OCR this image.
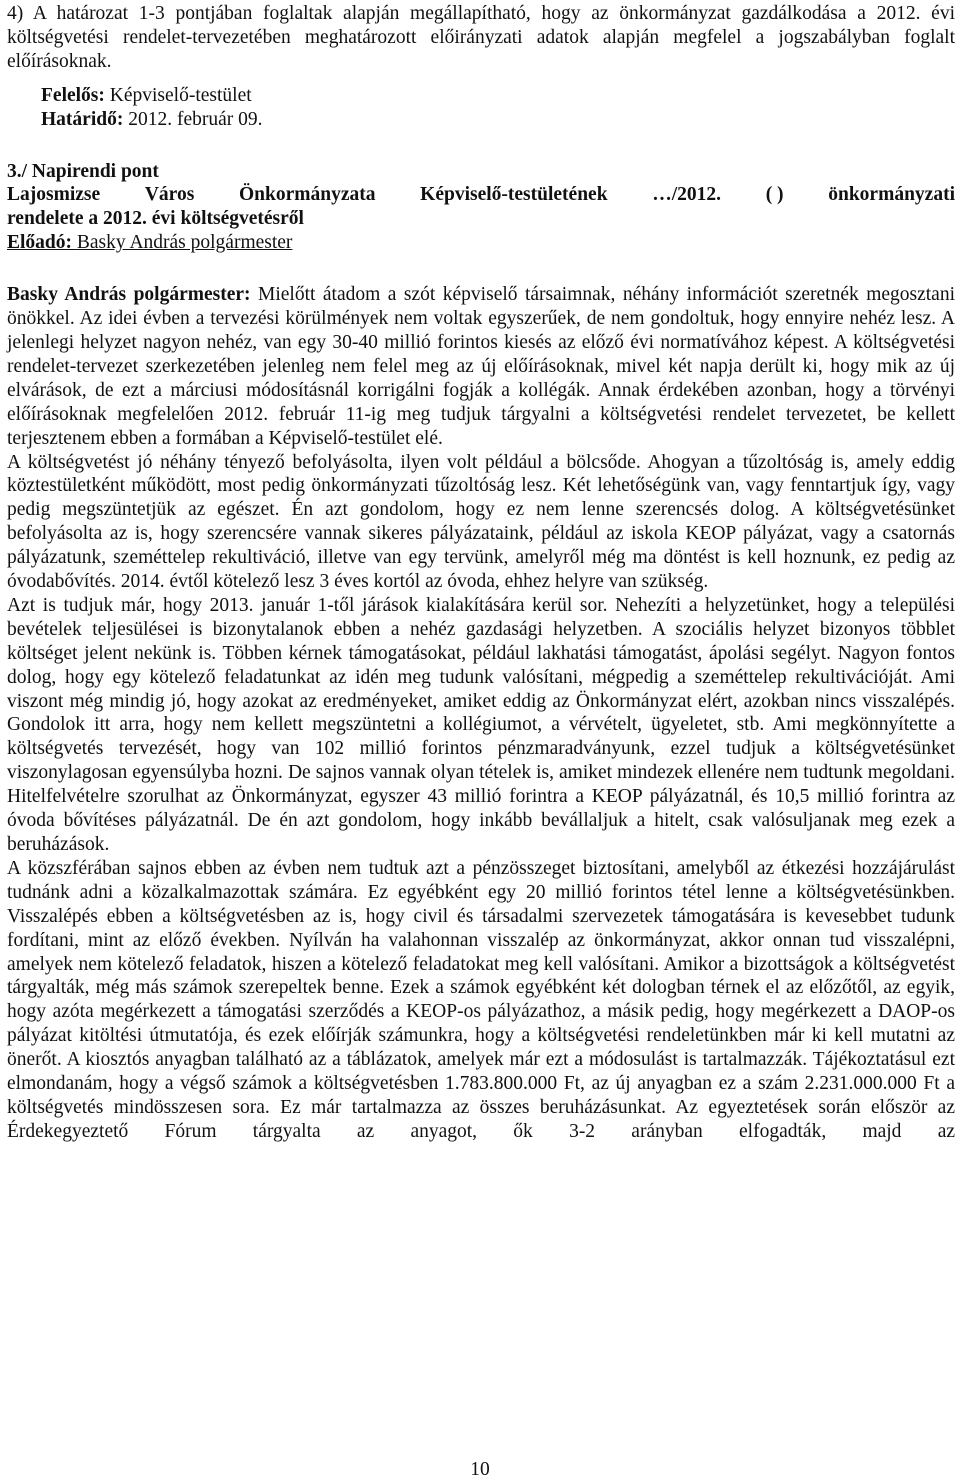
4) A határozat 1-3 pontjában foglaltak alapján megállapítható, hogy az önkormányzat gazdálkodása a 2012. évi költségvetési rendelet-tervezetében meghatározott előirányzati adatok alapján megfelel a jogszabályban foglalt előírásoknak.

Felelős: Képviselő-testület
Határidő: 2012. február 09.
3./ Napirendi pont
Lajosmizse Város Önkormányzata Képviselő-testületének …/2012. ( ) önkormányzati
rendelete a 2012. évi költségvetésről
Előadó: Basky András polgármester

Basky András polgármester: Mielőtt átadom a szót képviselő társaimnak, néhány információt szeretnék megosztani önökkel. Az idei évben a tervezési körülmények nem voltak egyszerűek, de nem gondoltuk, hogy ennyire nehéz lesz. A jelenlegi helyzet nagyon nehéz, van egy 30-40 millió forintos kiesés az előző évi normatívához képest. A költségvetési rendelet-tervezet szerkezetében jelenleg nem felel meg az új előírásoknak, mivel két napja derült ki, hogy mik az új elvárások, de ezt a márciusi módosításnál korrigálni fogják a kollégák. Annak érdekében azonban, hogy a törvényi előírásoknak megfelelően 2012. február 11-ig meg tudjuk tárgyalni a költségvetési rendelet tervezetet, be kellett terjesztenem ebben a formában a Képviselő-testület elé.

A költségvetést jó néhány tényező befolyásolta, ilyen volt például a bölcsőde. Ahogyan a tűzoltóság is, amely eddig köztestületként működött, most pedig önkormányzati tűzoltóság lesz. Két lehetőségünk van, vagy fenntartjuk így, vagy pedig megszüntetjük az egészet. Én azt gondolom, hogy ez nem lenne szerencsés dolog. A költségvetésünket befolyásolta az is, hogy szerencsére vannak sikeres pályázataink, például az iskola KEOP pályázat, vagy a csatornás pályázatunk, szeméttelep rekultiváció, illetve van egy tervünk, amelyről még ma döntést is kell hoznunk, ez pedig az óvodabővítés. 2014. évtől kötelező lesz 3 éves kortól az óvoda, ehhez helyre van szükség.

Azt is tudjuk már, hogy 2013. január 1-től járások kialakítására kerül sor. Nehezíti a helyzetünket, hogy a települési bevételek teljesülései is bizonytalanok ebben a nehéz gazdasági helyzetben. A szociális helyzet bizonyos többlet költséget jelent nekünk is. Többen kérnek támogatásokat, például lakhatási támogatást, ápolási segélyt. Nagyon fontos dolog, hogy egy kötelező feladatunkat az idén meg tudunk valósítani, mégpedig a szeméttelep rekultivációját. Ami viszont még mindig jó, hogy azokat az eredményeket, amiket eddig az Önkormányzat elért, azokban nincs visszalépés. Gondolok itt arra, hogy nem kellett megszüntetni a kollégiumot, a vérvételt, ügyeletet, stb. Ami megkönnyítette a költségvetés tervezését, hogy van 102 millió forintos pénzmaradványunk, ezzel tudjuk a költségvetésünket viszonylagosan egyensúlyba hozni. De sajnos vannak olyan tételek is, amiket mindezek ellenére nem tudtunk megoldani. Hitelfelvételre szorulhat az Önkormányzat, egyszer 43 millió forintra a KEOP pályázatnál, és 10,5 millió forintra az óvoda bővítéses pályázatnál. De én azt gondolom, hogy inkább bevállaljuk a hitelt, csak valósuljanak meg ezek a beruházások.

A közszférában sajnos ebben az évben nem tudtuk azt a pénzösszeget biztosítani, amelyből az étkezési hozzájárulást tudnánk adni a közalkalmazottak számára. Ez egyébként egy 20 millió forintos tétel lenne a költségvetésünkben. Visszalépés ebben a költségvetésben az is, hogy civil és társadalmi szervezetek támogatására is kevesebbet tudunk fordítani, mint az előző években. Nyílván ha valahonnan visszalép az önkormányzat, akkor onnan tud visszalépni, amelyek nem kötelező feladatok, hiszen a kötelező feladatokat meg kell valósítani. Amikor a bizottságok a költségvetést tárgyalták, még más számok szerepeltek benne. Ezek a számok egyébként két dologban térnek el az előzőtől, az egyik, hogy azóta megérkezett a támogatási szerződés a KEOP-os pályázathoz, a másik pedig, hogy megérkezett a DAOP-os pályázat kitöltési útmutatója, és ezek előírják számunkra, hogy a költségvetési rendeletünkben már ki kell mutatni az önerőt. A kiosztós anyagban található az a táblázatok, amelyek már ezt a módosulást is tartalmazzák. Tájékoztatásul ezt elmondanám, hogy a végső számok a költségvetésben 1.783.800.000 Ft, az új anyagban ez a szám 2.231.000.000 Ft a költségvetés mindösszesen sora. Ez már tartalmazza az összes beruházásunkat. Az egyeztetések során először az Érdekegyeztető Fórum tárgyalta az anyagot, ők 3-2 arányban elfogadták, majd az

10
